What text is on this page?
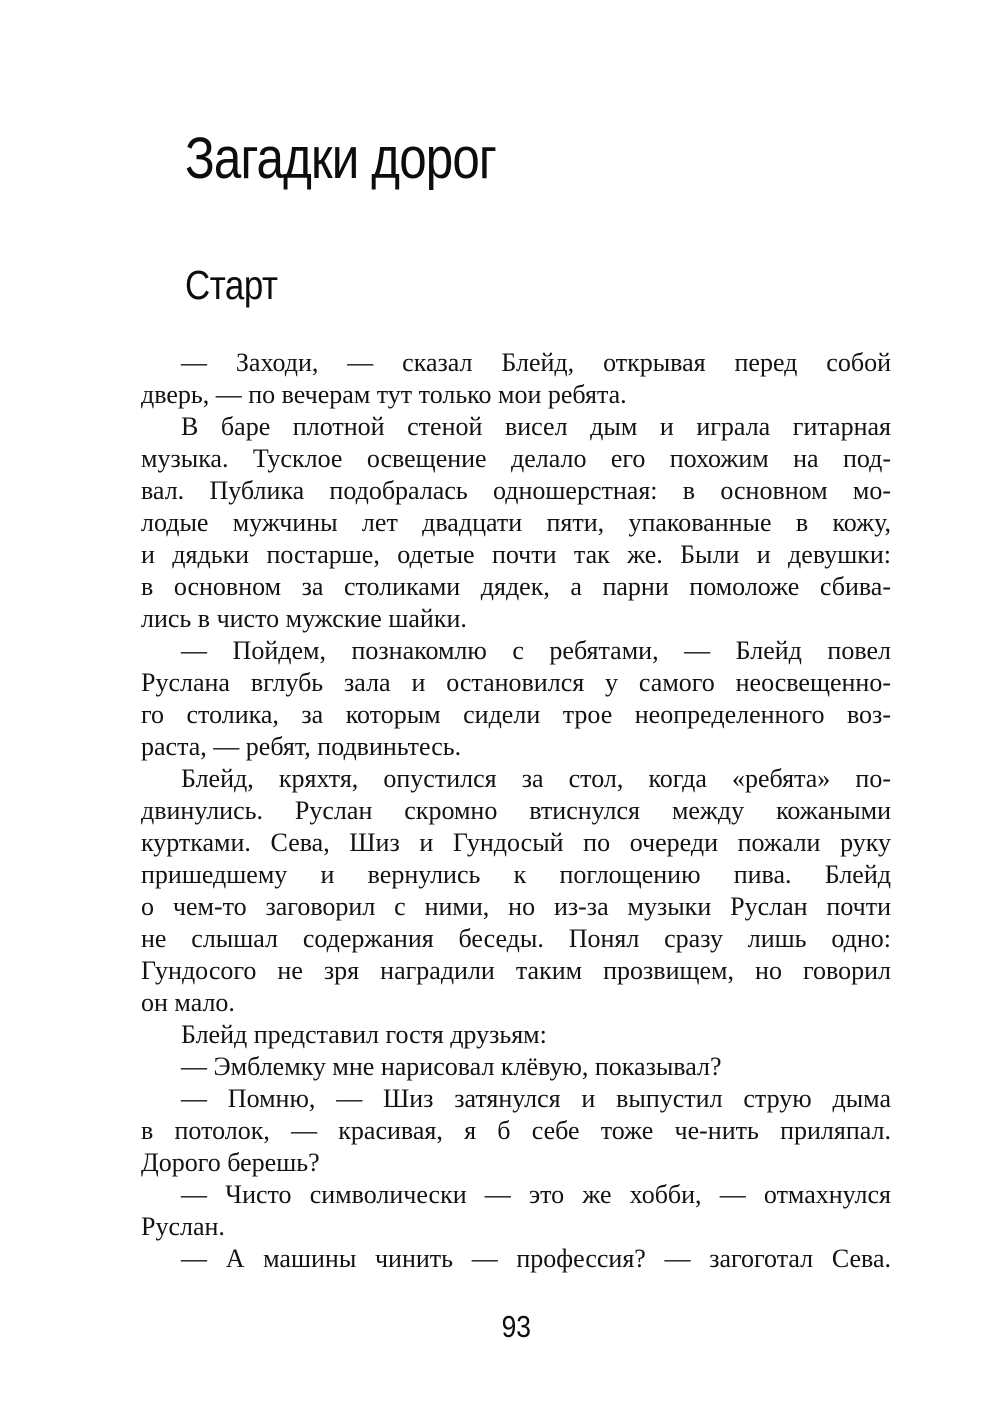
Загадки дорог
Старт
— Заходи, — сказал Блейд, открывая перед собой
дверь, — по вечерам тут только мои ребята.
В баре плотной стеной висел дым и играла гитарная
музыка. Тусклое освещение делало его похожим на под-
вал. Публика подобралась одношерстная: в основном мо-
лодые мужчины лет двадцати пяти, упакованные в кожу,
и дядьки постарше, одетые почти так же. Были и девушки:
в основном за столиками дядек, а парни помоложе сбива-
лись в чисто мужские шайки.
— Пойдем, познакомлю с ребятами, — Блейд повел
Руслана вглубь зала и остановился у самого неосвещенно-
го столика, за которым сидели трое неопределенного воз-
раста, — ребят, подвиньтесь.
Блейд, кряхтя, опустился за стол, когда «ребята» по-
двинулись. Руслан скромно втиснулся между кожаными
куртками. Сева, Шиз и Гундосый по очереди пожали руку
пришедшему и вернулись к поглощению пива. Блейд
о чем-то заговорил с ними, но из-за музыки Руслан почти
не слышал содержания беседы. Понял сразу лишь одно:
Гундосого не зря наградили таким прозвищем, но говорил
он мало.
Блейд представил гостя друзьям:
— Эмблемку мне нарисовал клёвую, показывал?
— Помню, — Шиз затянулся и выпустил струю дыма
в потолок, — красивая, я б себе тоже че-нить приляпал.
Дорого берешь?
— Чисто символически — это же хобби, — отмахнулся
Руслан.
— А машины чинить — профессия? — загоготал Сева.
93
